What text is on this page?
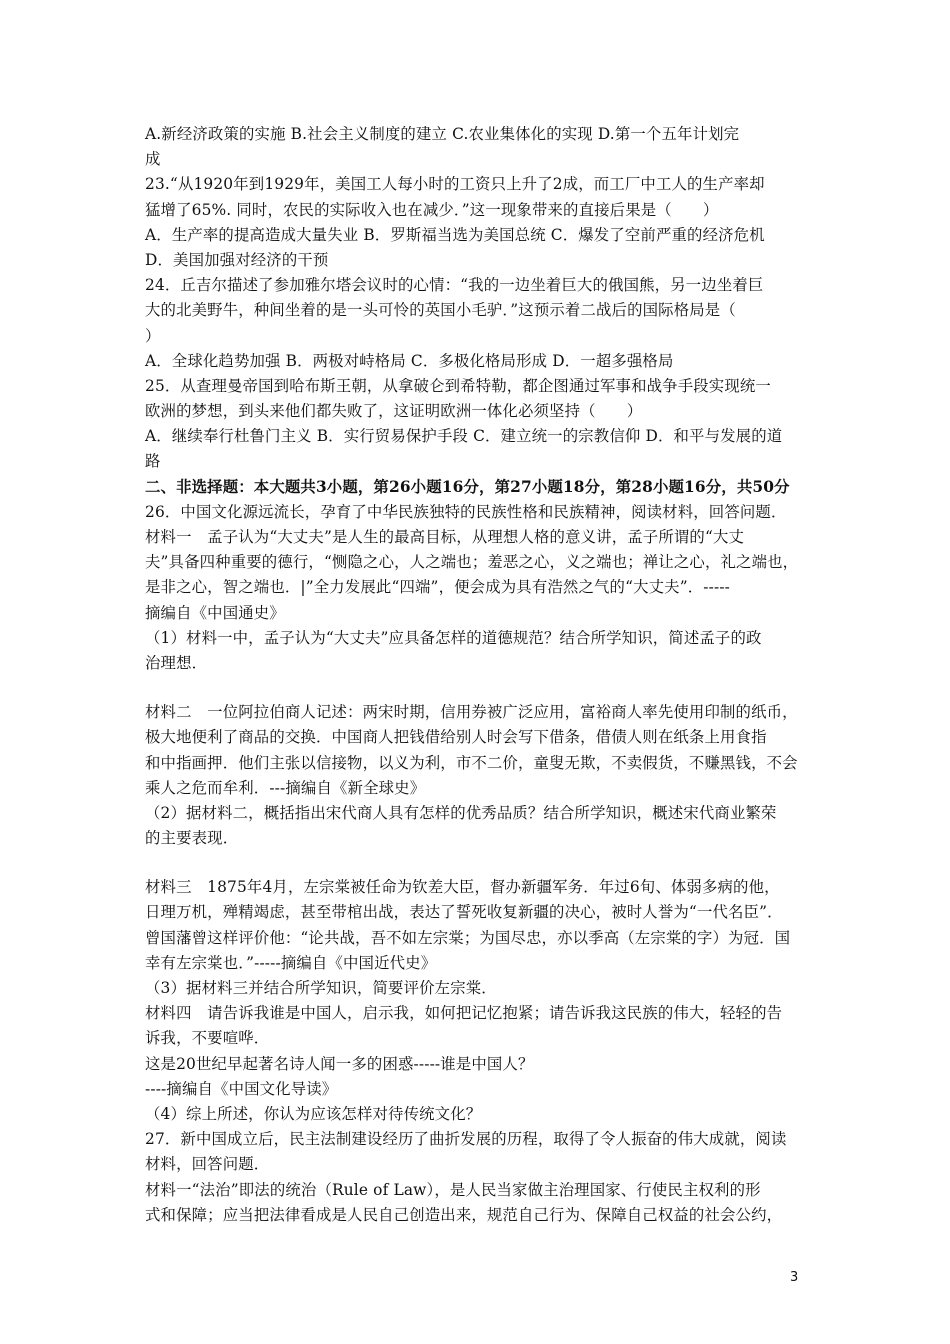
A.新经济政策的实施 B.社会主义制度的建立 C.农业集体化的实现 D.第一个五年计划完
成
23.“从1920年到1929年，美国工人每小时的工资只上升了2成，而工厂中工人的生产率却
猛增了65%. 同时，农民的实际收入也在减少．”这一现象带来的直接后果是（　　）
A．生产率的提高造成大量失业 B．罗斯福当选为美国总统 C．爆发了空前严重的经济危机
D．美国加强对经济的干预
24．丘吉尔描述了参加雅尔塔会议时的心情：“我的一边坐着巨大的俄国熊，另一边坐着巨
大的北美野牛，种间坐着的是一头可怜的英国小毛驴．”这预示着二战后的国际格局是（
）
A．全球化趋势加强 B．两极对峙格局 C．多极化格局形成 D．一超多强格局
25．从查理曼帝国到哈布斯王朝，从拿破仑到希特勒，都企图通过军事和战争手段实现统一
欧洲的梦想，到头来他们都失败了，这证明欧洲一体化必须坚持（　　）
A．继续奉行杜鲁门主义 B．实行贸易保护手段 C．建立统一的宗教信仰 D．和平与发展的道
路
二、非选择题：本大题共3小题，第26小题16分，第27小题18分，第28小题16分，共50分
26．中国文化源远流长，孕育了中华民族独特的民族性格和民族精神，阅读材料，回答问题．
材料一　孟子认为“大丈夫”是人生的最高目标，从理想人格的意义讲，孟子所谓的“大丈
夫”具备四种重要的德行，“恻隐之心，人之端也；羞恶之心，义之端也；禅让之心，礼之端也，
是非之心，智之端也．|”全力发展此“四端”，便会成为具有浩然之气的“大丈夫”．-----
摘编自《中国通史》
（1）材料一中，孟子认为“大丈夫”应具备怎样的道德规范？结合所学知识，简述孟子的政
治理想．
材料二　一位阿拉伯商人记述：两宋时期，信用券被广泛应用，富裕商人率先使用印制的纸币，
极大地便利了商品的交换．中国商人把钱借给别人时会写下借条，借债人则在纸条上用食指
和中指画押．他们主张以信接物，以义为利，市不二价，童叟无欺，不卖假货，不赚黑钱，不会
乘人之危而牟利．---摘编自《新全球史》
（2）据材料二，概括指出宋代商人具有怎样的优秀品质？结合所学知识，概述宋代商业繁荣
的主要表现．
材料三　1875年4月，左宗棠被任命为钦差大臣，督办新疆军务．年过6旬、体弱多病的他，
日理万机，殚精竭虑，甚至带棺出战，表达了誓死收复新疆的决心，被时人誉为“一代名臣”．
曾国藩曾这样评价他：“论共战，吾不如左宗棠；为国尽忠，亦以季高（左宗棠的字）为冠．国
幸有左宗棠也．”-----摘编自《中国近代史》
（3）据材料三并结合所学知识，简要评价左宗棠．
材料四　请告诉我谁是中国人，启示我，如何把记忆抱紧；请告诉我这民族的伟大，轻轻的告
诉我，不要喧哗．
这是20世纪早起著名诗人闻一多的困惑-----谁是中国人？
----摘编自《中国文化导读》
（4）综上所述，你认为应该怎样对待传统文化？
27．新中国成立后，民主法制建设经历了曲折发展的历程，取得了令人振奋的伟大成就，阅读
材料，回答问题．
材料一“法治”即法的统治（Rule of Law），是人民当家做主治理国家、行使民主权利的形
式和保障；应当把法律看成是人民自己创造出来，规范自己行为、保障自己权益的社会公约，
3
